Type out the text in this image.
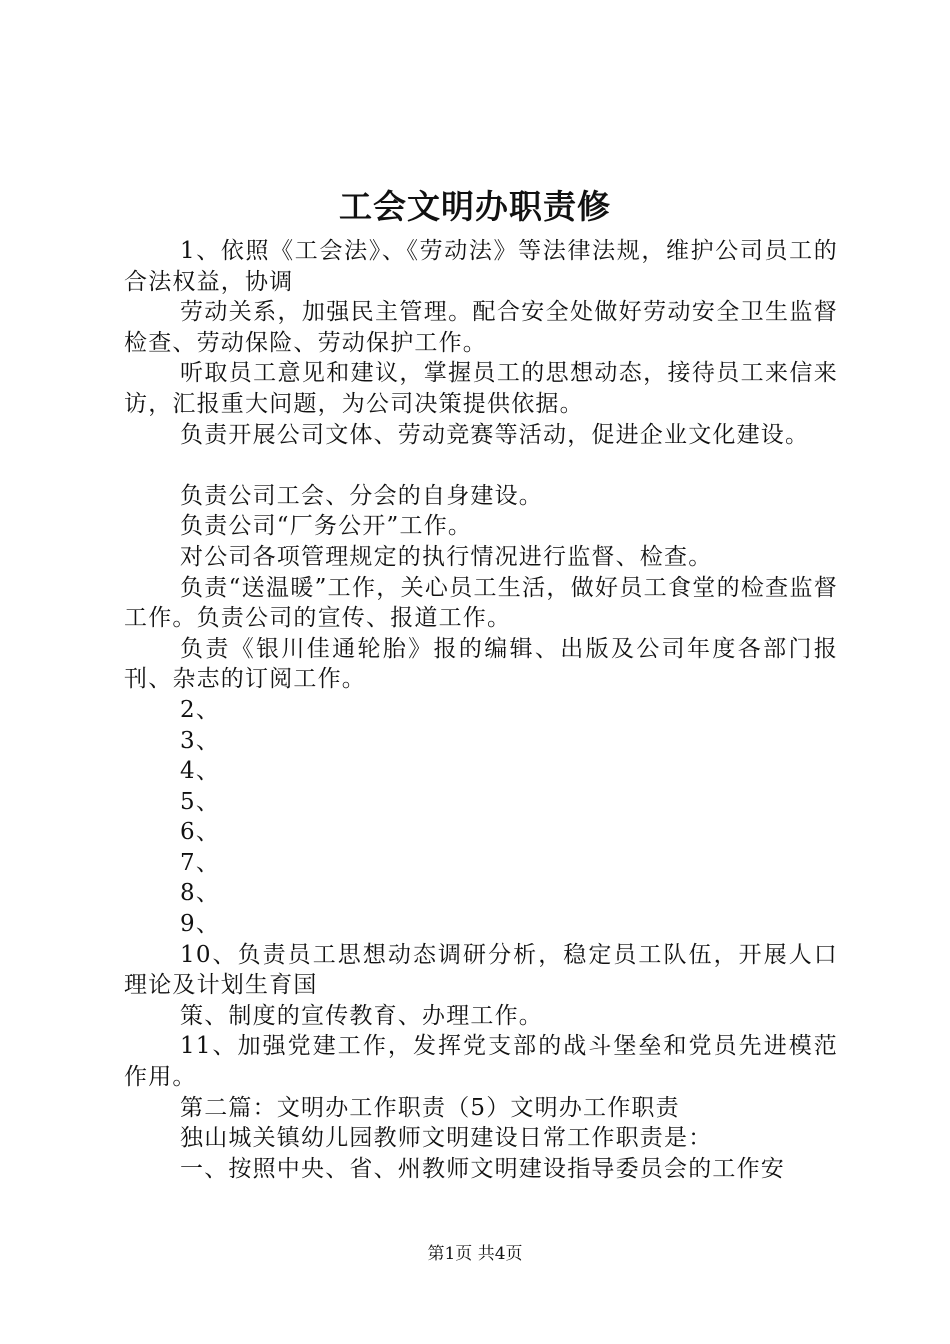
工会文明办职责修

1、依照《工会法》、《劳动法》等法律法规，维护公司员工的合法权益，协调

劳动关系，加强民主管理。配合安全处做好劳动安全卫生监督检查、劳动保险、劳动保护工作。

听取员工意见和建议，掌握员工的思想动态，接待员工来信来访，汇报重大问题，为公司决策提供依据。

负责开展公司文体、劳动竞赛等活动，促进企业文化建设。

负责公司工会、分会的自身建设。

负责公司“厂务公开”工作。

对公司各项管理规定的执行情况进行监督、检查。

负责“送温暖”工作，关心员工生活，做好员工食堂的检查监督工作。负责公司的宣传、报道工作。

负责《银川佳通轮胎》报的编辑、出版及公司年度各部门报刊、杂志的订阅工作。

2、

3、

4、

5、

6、

7、

8、

9、

10、负责员工思想动态调研分析，稳定员工队伍，开展人口理论及计划生育国

策、制度的宣传教育、办理工作。

11、加强党建工作，发挥党支部的战斗堡垒和党员先进模范作用。

第二篇：文明办工作职责（5）文明办工作职责

独山城关镇幼儿园教师文明建设日常工作职责是：

一、按照中央、省、州教师文明建设指导委员会的工作安

第1页 共4页
